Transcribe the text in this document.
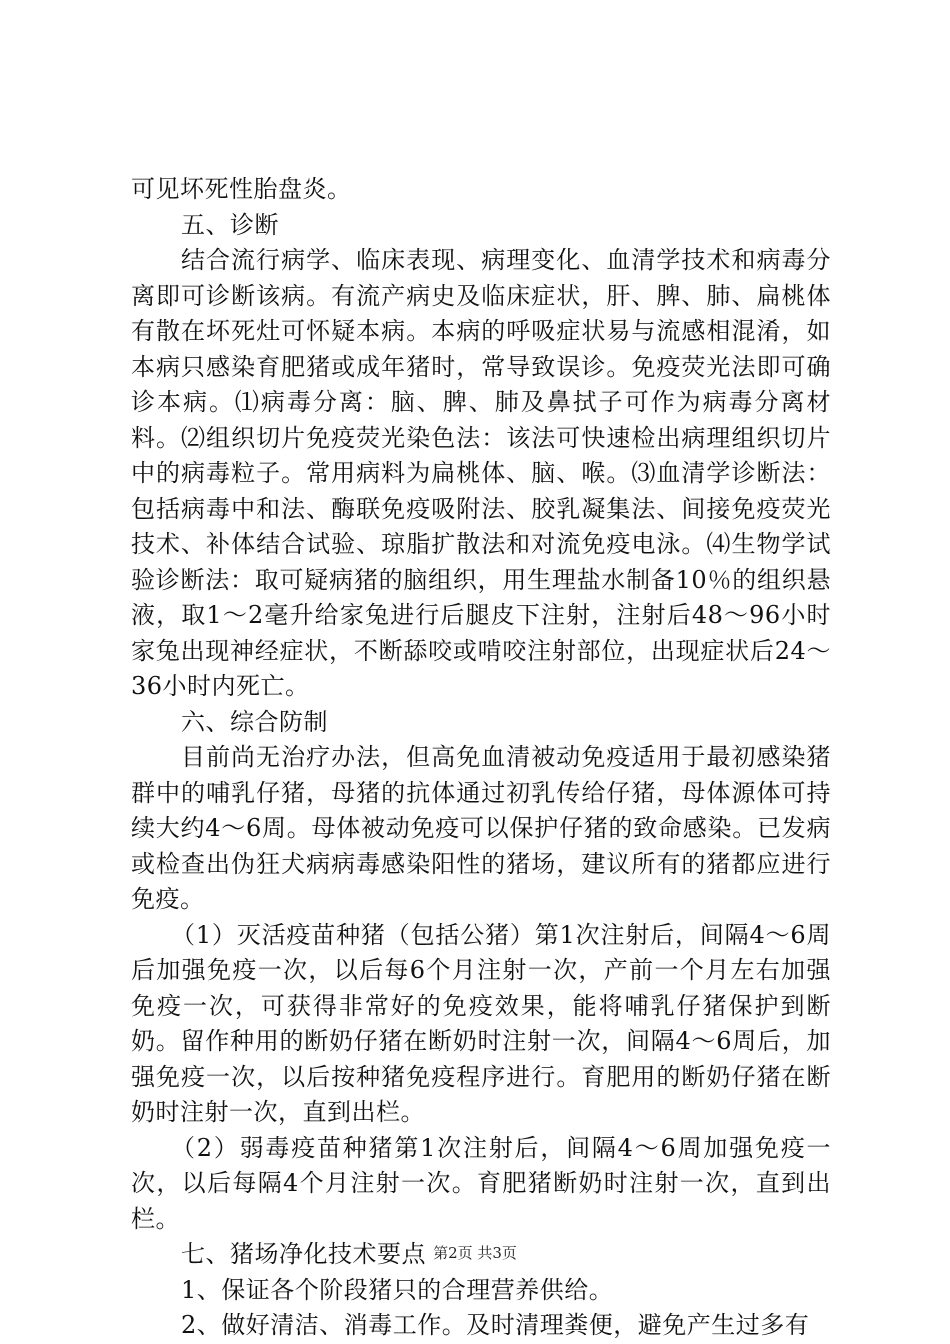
可见坏死性胎盘炎。

五、诊断

结合流行病学、临床表现、病理变化、血清学技术和病毒分离即可诊断该病。有流产病史及临床症状，肝、脾、肺、扁桃体有散在坏死灶可怀疑本病。本病的呼吸症状易与流感相混淆，如本病只感染育肥猪或成年猪时，常导致误诊。免疫荧光法即可确诊本病。⑴病毒分离：脑、脾、肺及鼻拭子可作为病毒分离材料。⑵组织切片免疫荧光染色法：该法可快速检出病理组织切片中的病毒粒子。常用病料为扁桃体、脑、喉。⑶血清学诊断法：包括病毒中和法、酶联免疫吸附法、胶乳凝集法、间接免疫荧光技术、补体结合试验、琼脂扩散法和对流免疫电泳。⑷生物学试验诊断法：取可疑病猪的脑组织，用生理盐水制备10％的组织悬液，取1～2毫升给家兔进行后腿皮下注射，注射后48～96小时家兔出现神经症状，不断舔咬或啃咬注射部位，出现症状后24～36小时内死亡。

六、综合防制

目前尚无治疗办法，但高免血清被动免疫适用于最初感染猪群中的哺乳仔猪，母猪的抗体通过初乳传给仔猪，母体源体可持续大约4～6周。母体被动免疫可以保护仔猪的致命感染。已发病或检查出伪狂犬病病毒感染阳性的猪场，建议所有的猪都应进行免疫。

（1）灭活疫苗种猪（包括公猪）第1次注射后，间隔4～6周后加强免疫一次，以后每6个月注射一次，产前一个月左右加强免疫一次，可获得非常好的免疫效果，能将哺乳仔猪保护到断奶。留作种用的断奶仔猪在断奶时注射一次，间隔4～6周后，加强免疫一次，以后按种猪免疫程序进行。育肥用的断奶仔猪在断奶时注射一次，直到出栏。

（2）弱毒疫苗种猪第1次注射后，间隔4～6周加强免疫一次，以后每隔4个月注射一次。育肥猪断奶时注射一次，直到出栏。

七、猪场净化技术要点

1、保证各个阶段猪只的合理营养供给。

2、做好清洁、消毒工作。及时清理粪便，避免产生过多有

第2页 共3页
